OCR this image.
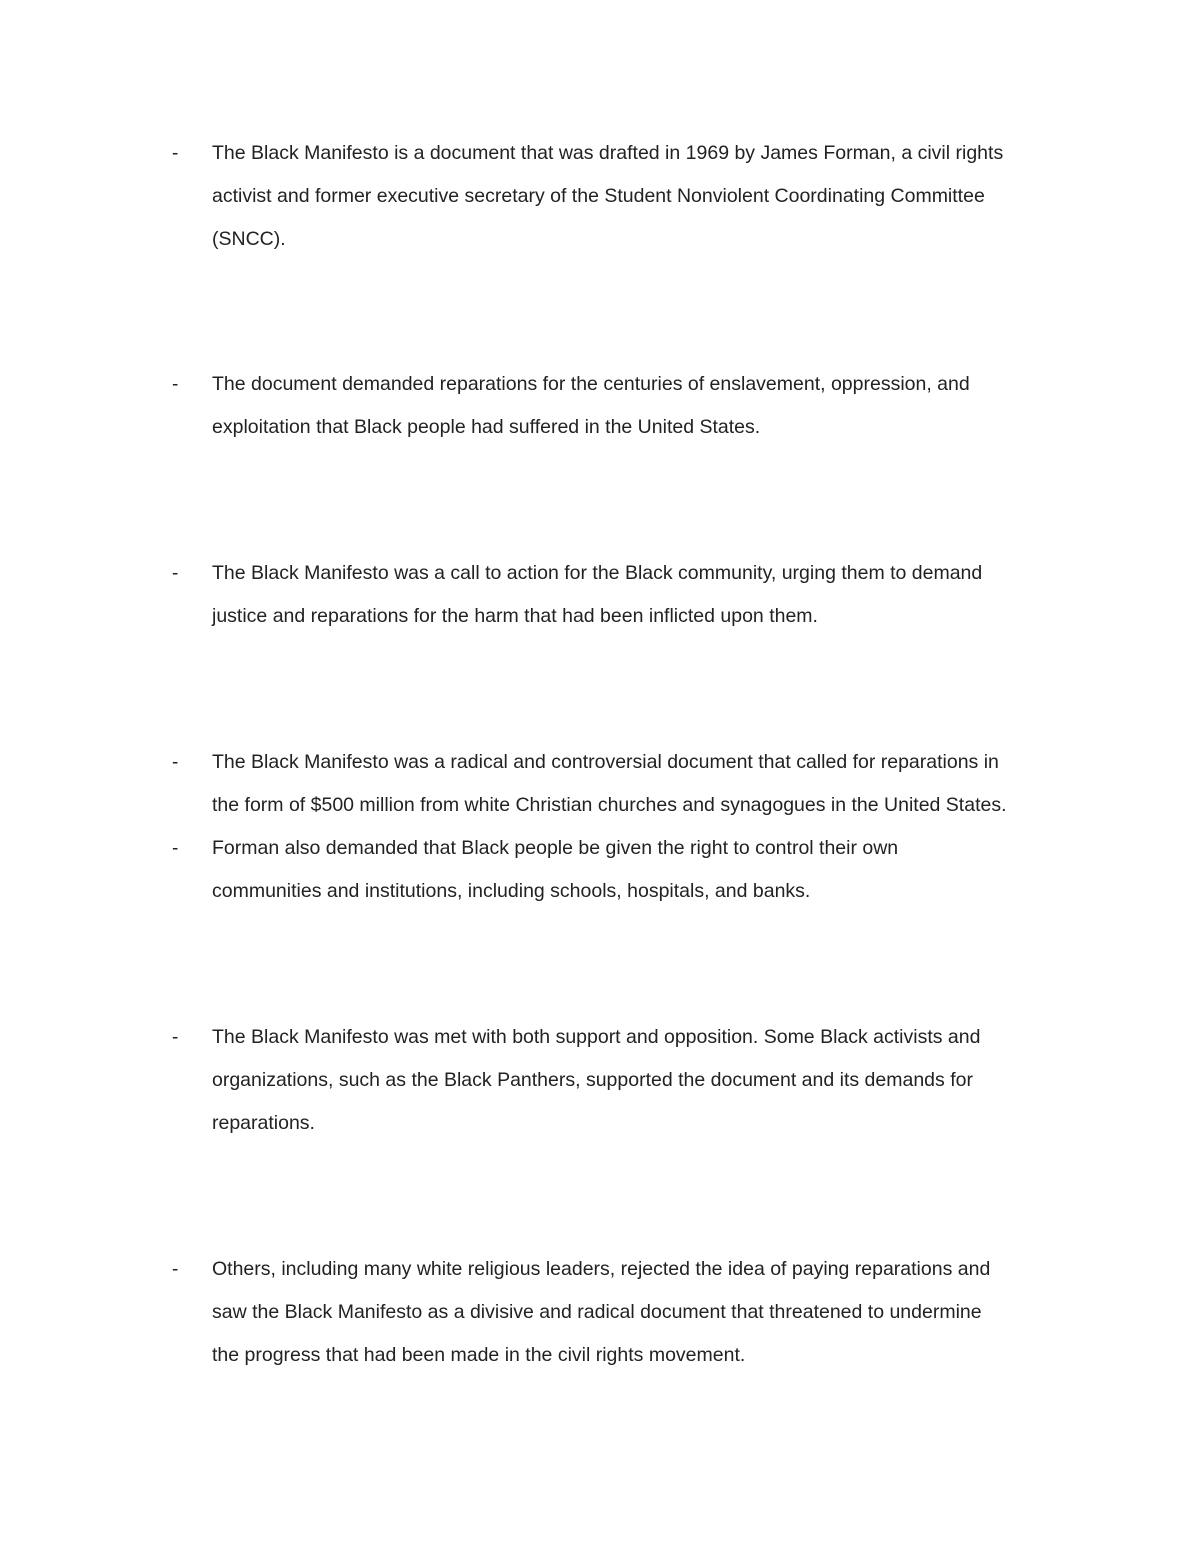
- The Black Manifesto is a document that was drafted in 1969 by James Forman, a civil rights
activist and former executive secretary of the Student Nonviolent Coordinating Committee
(SNCC).
- The document demanded reparations for the centuries of enslavement, oppression, and
exploitation that Black people had suffered in the United States.
- The Black Manifesto was a call to action for the Black community, urging them to demand
justice and reparations for the harm that had been inflicted upon them.
- The Black Manifesto was a radical and controversial document that called for reparations in
the form of $500 million from white Christian churches and synagogues in the United States.
- Forman also demanded that Black people be given the right to control their own
communities and institutions, including schools, hospitals, and banks.
- The Black Manifesto was met with both support and opposition. Some Black activists and
organizations, such as the Black Panthers, supported the document and its demands for
reparations.
- Others, including many white religious leaders, rejected the idea of paying reparations and
saw the Black Manifesto as a divisive and radical document that threatened to undermine
the progress that had been made in the civil rights movement.
